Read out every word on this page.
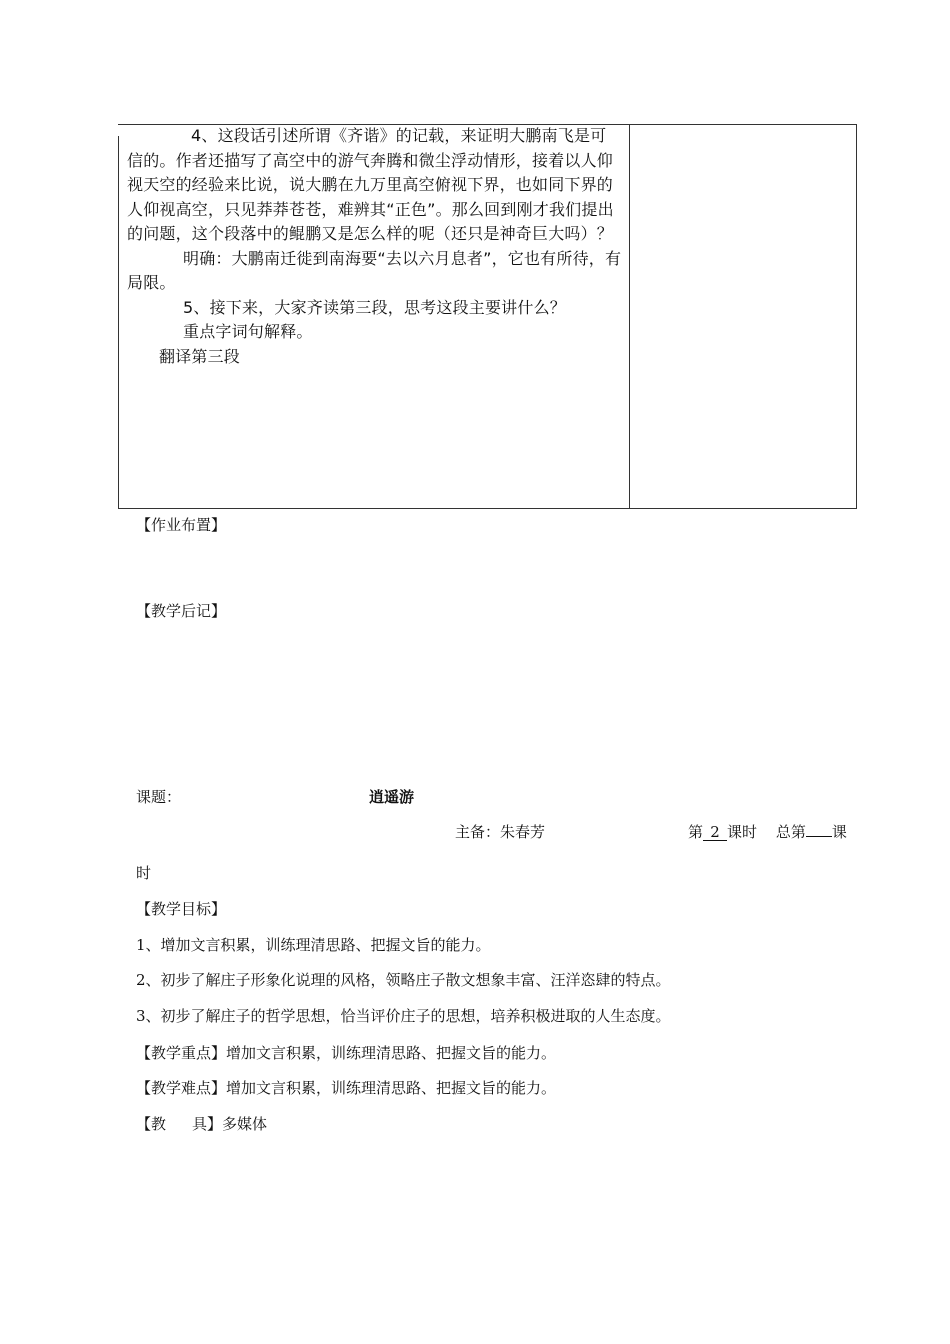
4、这段话引述所谓《齐谐》的记载，来证明大鹏南飞是可信的。作者还描写了高空中的游气奔腾和微尘浮动情形，接着以人仰视天空的经验来比说，说大鹏在九万里高空俯视下界，也如同下界的人仰视高空，只见莽莽苍苍，难辨其“正色”。那么回到刚才我们提出的问题，这个段落中的鲲鹏又是怎么样的呢（还只是神奇巨大吗）？

明确：大鹏南迁徙到南海要“去以六月息者”，它也有所待，有局限。

5、接下来，大家齐读第三段，思考这段主要讲什么？

重点字词句解释。

翻译第三段

【作业布置】
【教学后记】
课题：	逍遥游
主备：朱春芳	第 2 课时 总第 课
时
【教学目标】
1、增加文言积累，训练理清思路、把握文旨的能力。
2、初步了解庄子形象化说理的风格，领略庄子散文想象丰富、汪洋恣肆的特点。
3、初步了解庄子的哲学思想，恰当评价庄子的思想，培养积极进取的人生态度。
【教学重点】增加文言积累，训练理清思路、把握文旨的能力。
【教学难点】增加文言积累，训练理清思路、把握文旨的能力。
【教 具】多媒体
